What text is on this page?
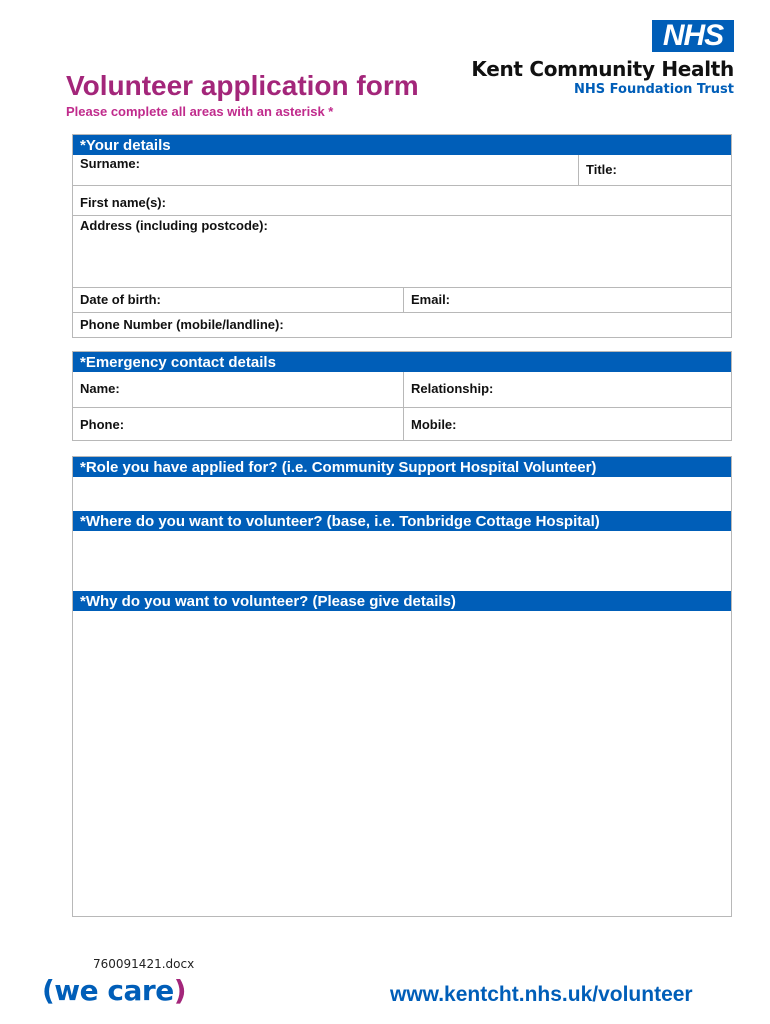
NHS
Kent Community Health
NHS Foundation Trust
Volunteer application form
Please complete all areas with an asterisk *
*Your details
Surname:	Title:
First name(s):
Address (including postcode):
Date of birth:	Email:
Phone Number (mobile/landline):
*Emergency contact details
Name:	Relationship:
Phone:	Mobile:
*Role you have applied for? (i.e. Community Support Hospital Volunteer)
*Where do you want to volunteer? (base, i.e. Tonbridge Cottage Hospital)
*Why do you want to volunteer? (Please give details)
760091421.docx
(we care)	www.kentcht.nhs.uk/volunteer
